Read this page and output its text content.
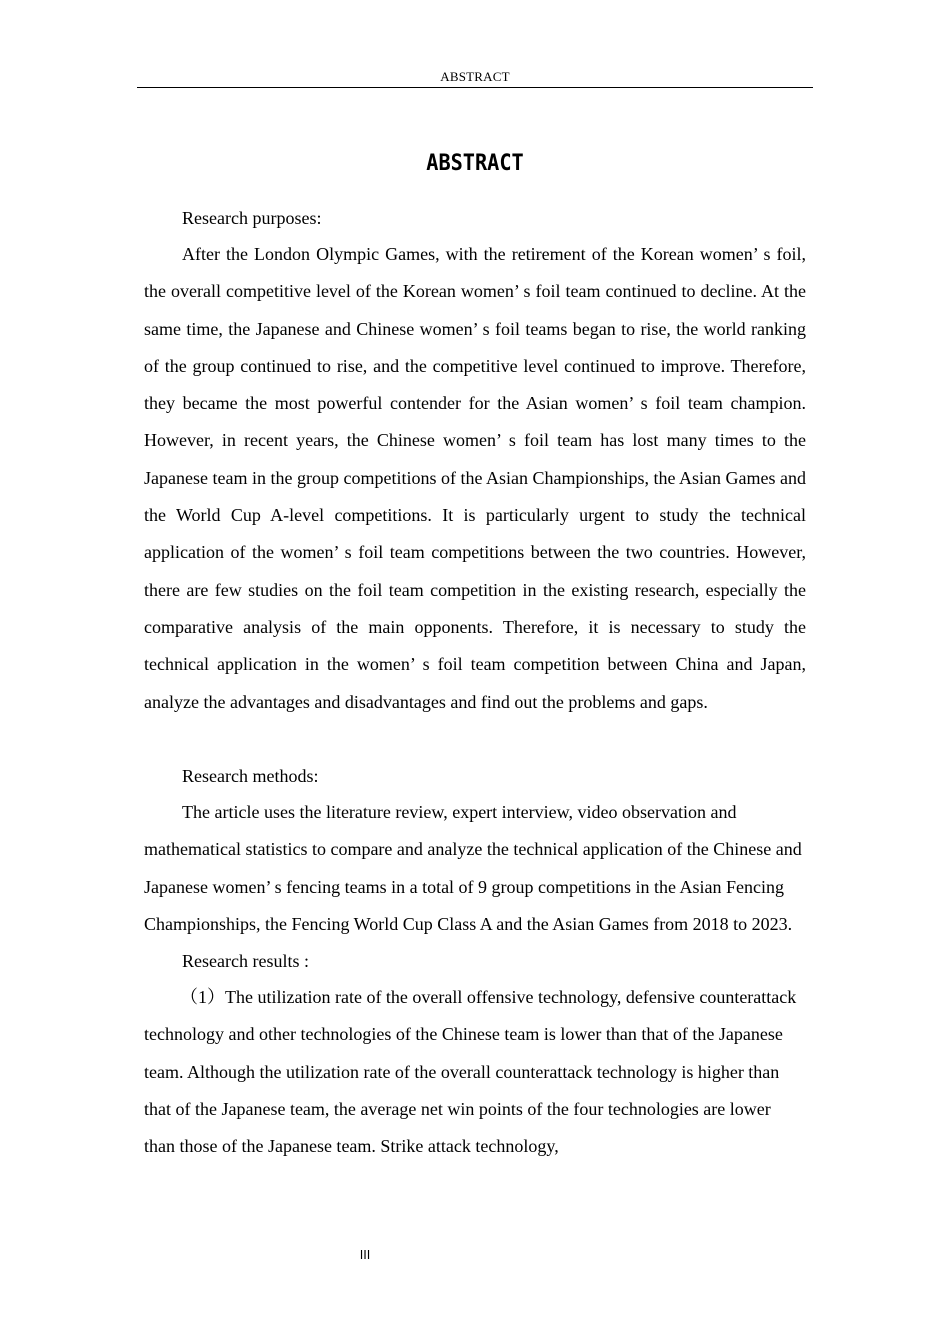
ABSTRACT
ABSTRACT

Research purposes:

After the London Olympic Games, with the retirement of the Korean women’ s foil, the overall competitive level of the Korean women’ s foil team continued to decline. At the same time, the Japanese and Chinese women’ s foil teams began to rise, the world ranking of the group continued to rise, and the competitive level continued to improve. Therefore, they became the most powerful contender for the Asian women’ s foil team champion. However, in recent years, the Chinese women’ s foil team has lost many times to the Japanese team in the group competitions of the Asian Championships, the Asian Games and the World Cup A-level competitions. It is particularly urgent to study the technical application of the women’ s foil team competitions between the two countries. However, there are few studies on the foil team competition in the existing research, especially the comparative analysis of the main opponents. Therefore, it is necessary to study the technical application in the women’ s foil team competition between China and Japan, analyze the advantages and disadvantages and find out the problems and gaps.

Research methods:

The article uses the literature review, expert interview, video observation and mathematical statistics to compare and analyze the technical application of the Chinese and Japanese women’ s fencing teams in a total of 9 group competitions in the Asian Fencing Championships, the Fencing World Cup Class A and the Asian Games from 2018 to 2023.

Research results :

（1）The utilization rate of the overall offensive technology, defensive counterattack technology and other technologies of the Chinese team is lower than that of the Japanese team. Although the utilization rate of the overall counterattack technology is higher than that of the Japanese team, the average net win points of the four technologies are lower than those of the Japanese team. Strike attack technology,

III
